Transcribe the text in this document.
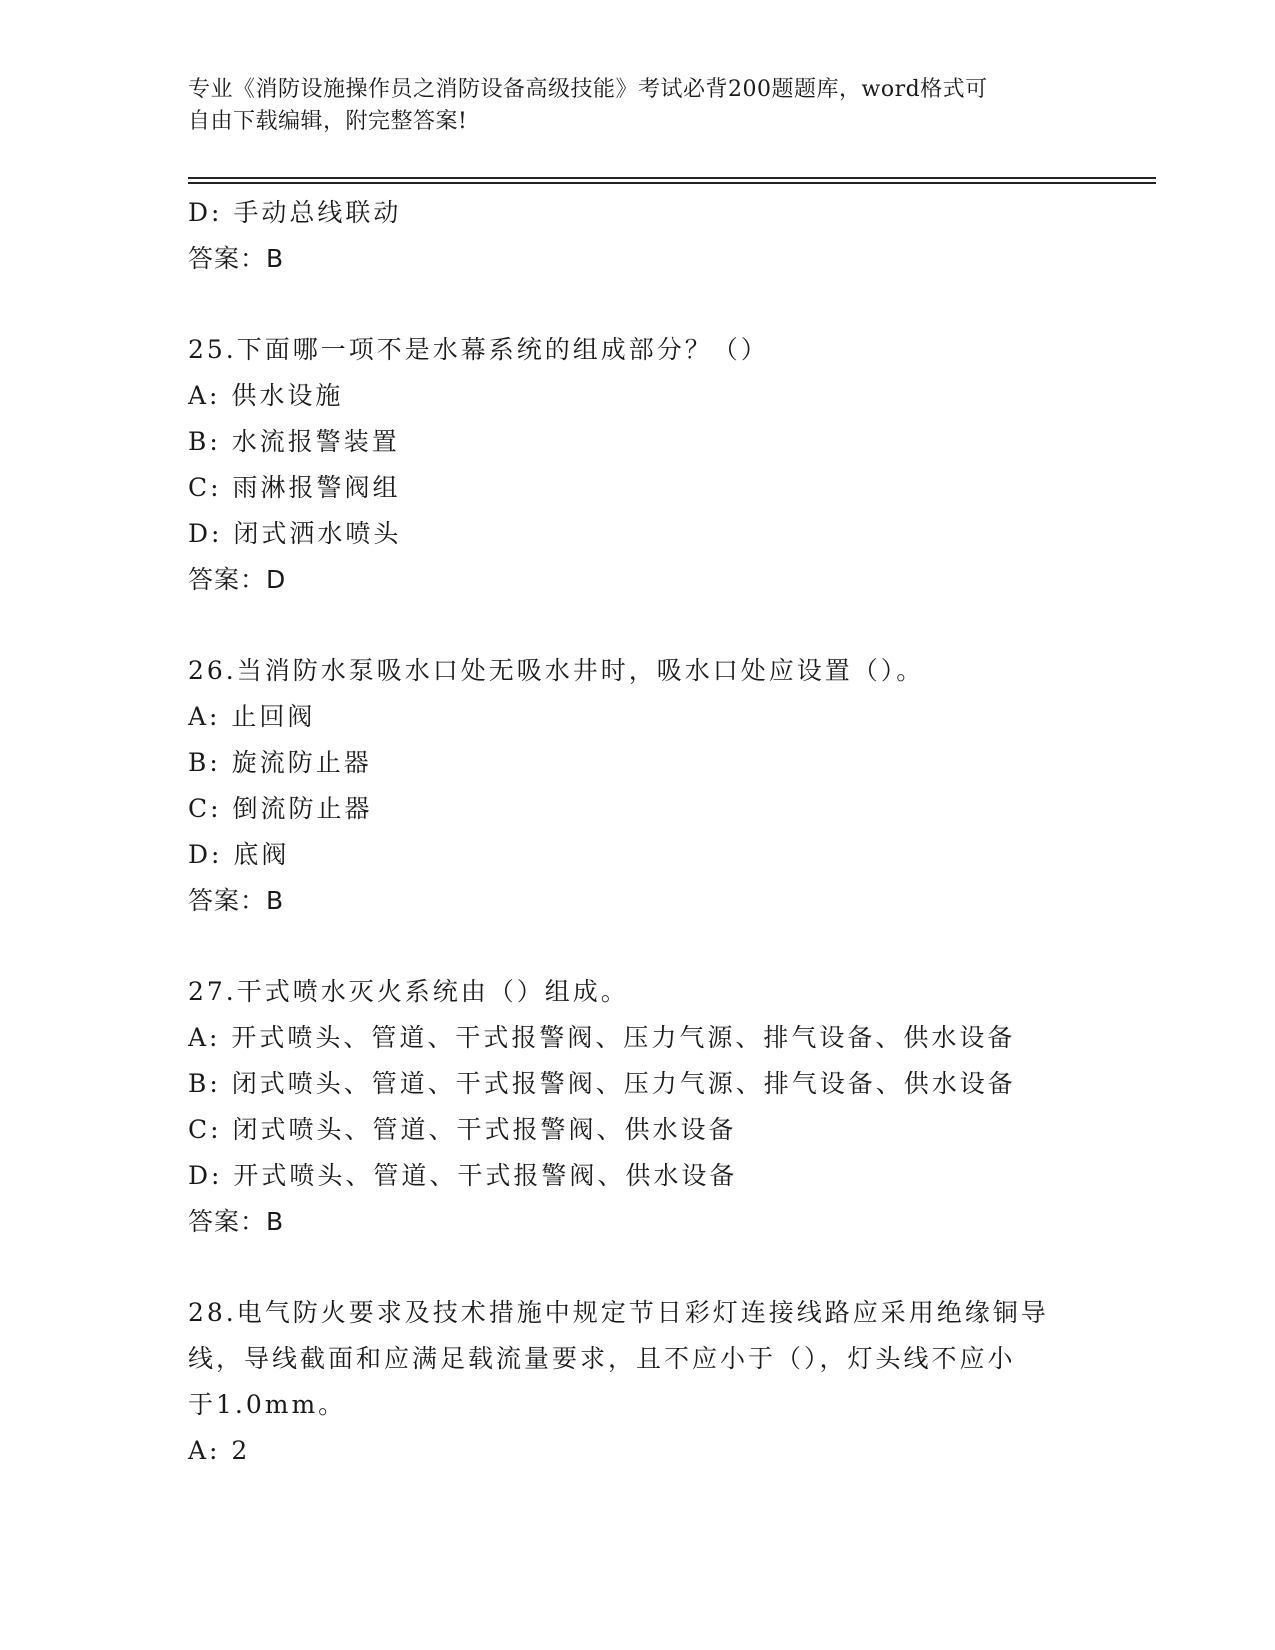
专业《消防设施操作员之消防设备高级技能》考试必背200题题库，word格式可
自由下载编辑，附完整答案!
D: 手动总线联动
答案：B
25.下面哪一项不是水幕系统的组成部分？（）
A: 供水设施
B: 水流报警装置
C: 雨淋报警阀组
D: 闭式洒水喷头
答案：D
26.当消防水泵吸水口处无吸水井时，吸水口处应设置（）。
A: 止回阀
B: 旋流防止器
C: 倒流防止器
D: 底阀
答案：B
27.干式喷水灭火系统由（）组成。
A: 开式喷头、管道、干式报警阀、压力气源、排气设备、供水设备
B: 闭式喷头、管道、干式报警阀、压力气源、排气设备、供水设备
C: 闭式喷头、管道、干式报警阀、供水设备
D: 开式喷头、管道、干式报警阀、供水设备
答案：B
28.电气防火要求及技术措施中规定节日彩灯连接线路应采用绝缘铜导
线，导线截面和应满足载流量要求，且不应小于（），灯头线不应小
于1.0mm。
A: 2
